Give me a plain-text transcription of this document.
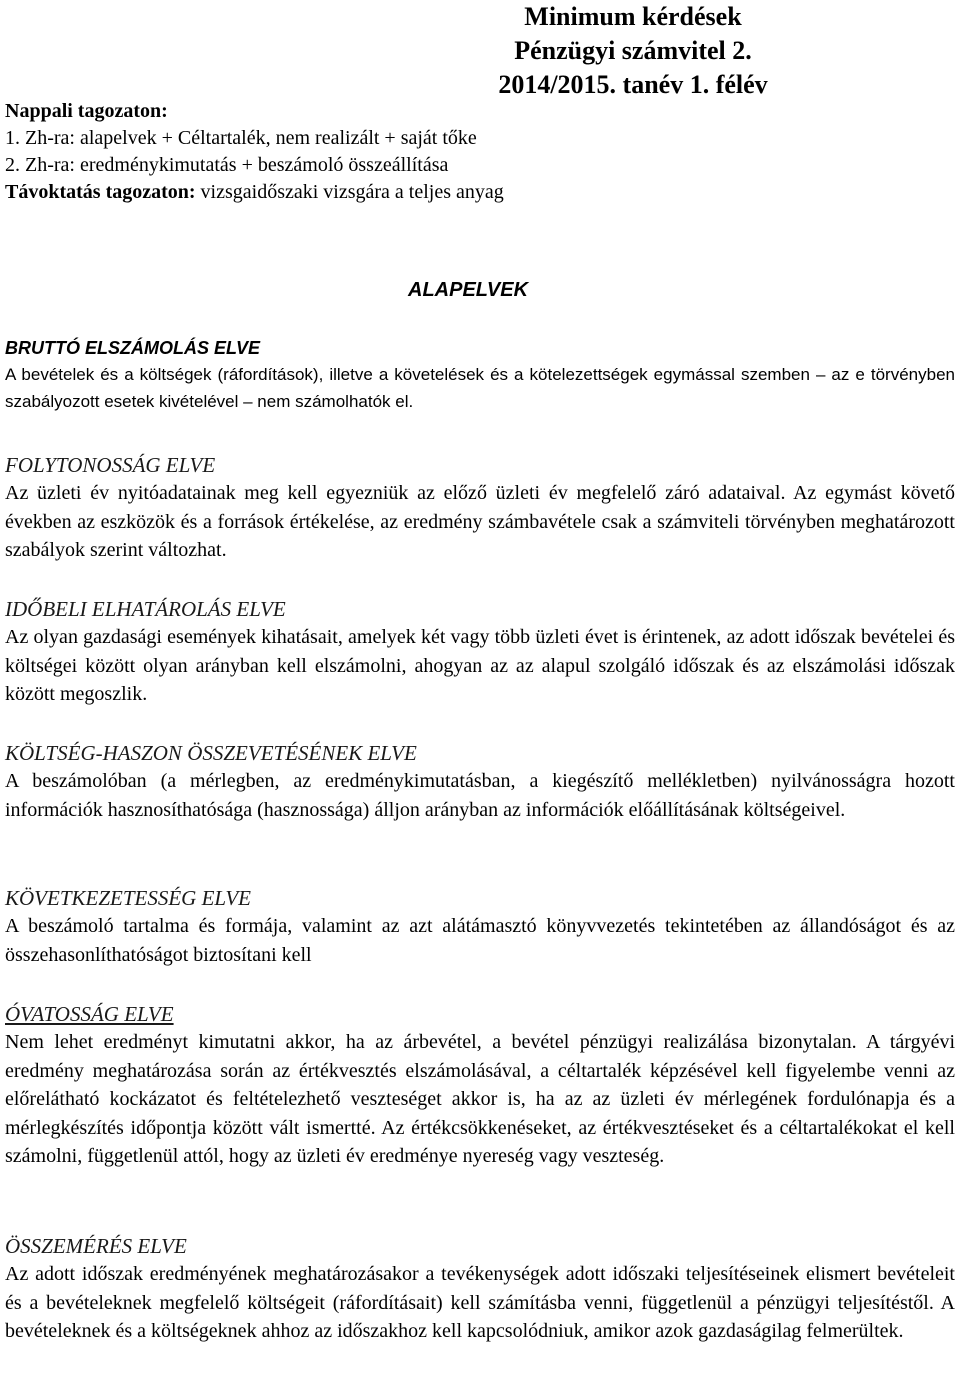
Minimum kérdések

Pénzügyi számvitel 2.

2014/2015. tanév 1. félév

Nappali tagozaton:

1. Zh-ra: alapelvek + Céltartalék, nem realizált + saját tőke

2. Zh-ra: eredménykimutatás + beszámoló összeállítása

Távoktatás tagozaton: vizsgaidőszaki vizsgára a teljes anyag

ALAPELVEK

BRUTTÓ ELSZÁMOLÁS ELVE

A bevételek és a költségek (ráfordítások), illetve a követelések és a kötelezettségek egymással szemben – az e törvényben szabályozott esetek kivételével – nem számolhatók el.

FOLYTONOSSÁG ELVE

Az üzleti év nyitóadatainak meg kell egyezniük az előző üzleti év megfelelő záró adataival. Az egymást követő években az eszközök és a források értékelése, az eredmény számbavétele csak a számviteli törvényben meghatározott szabályok szerint változhat.

IDŐBELI ELHATÁROLÁS ELVE

Az olyan gazdasági események kihatásait, amelyek két vagy több üzleti évet is érintenek, az adott időszak bevételei és költségei között olyan arányban kell elszámolni, ahogyan az az alapul szolgáló időszak és az elszámolási időszak között megoszlik.

KÖLTSÉG-HASZON ÖSSZEVETÉSÉNEK ELVE

A beszámolóban (a mérlegben, az eredménykimutatásban, a kiegészítő mellékletben) nyilvánosságra hozott információk hasznosíthatósága (hasznossága) álljon arányban az információk előállításának költségeivel.

KÖVETKEZETESSÉG ELVE

A beszámoló tartalma és formája, valamint az azt alátámasztó könyvvezetés tekintetében az állandóságot és az összehasonlíthatóságot biztosítani kell

ÓVATOSSÁG ELVE

Nem lehet eredményt kimutatni akkor, ha az árbevétel, a bevétel pénzügyi realizálása bizonytalan. A tárgyévi eredmény meghatározása során az értékvesztés elszámolásával, a céltartalék képzésével kell figyelembe venni az előrelátható kockázatot és feltételezhető veszteséget akkor is, ha az az üzleti év mérlegének fordulónapja és a mérlegkészítés időpontja között vált ismertté. Az értékcsökkenéseket, az értékvesztéseket és a céltartalékokat el kell számolni, függetlenül attól, hogy az üzleti év eredménye nyereség vagy veszteség.

ÖSSZEMÉRÉS ELVE

Az adott időszak eredményének meghatározásakor a tevékenységek adott időszaki teljesítéseinek elismert bevételeit és a bevételeknek megfelelő költségeit (ráfordításait) kell számításba venni, függetlenül a pénzügyi teljesítéstől. A bevételeknek és a költségeknek ahhoz az időszakhoz kell kapcsolódniuk, amikor azok gazdaságilag felmerültek.
